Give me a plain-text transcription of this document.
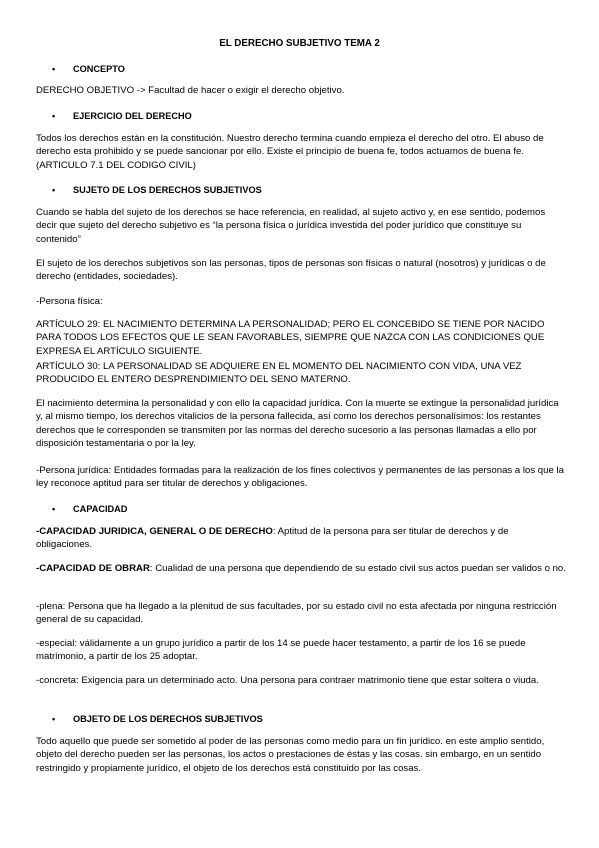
EL DERECHO SUBJETIVO TEMA 2
• CONCEPTO
DERECHO OBJETIVO -> Facultad de hacer o exigir el derecho objetivo.
• EJERCICIO DEL DERECHO
Todos los derechos están en la constitución. Nuestro derecho termina cuando empieza el derecho del otro. El abuso de derecho esta prohibido y se puede sancionar por ello. Existe el principio de buena fe, todos actuamos de buena fe. (ARTICULO 7.1 DEL CODIGO CIVIL)
• SUJETO DE LOS DERECHOS SUBJETIVOS
Cuando se habla del sujeto de los derechos se hace referencia, en realidad, al sujeto activo y, en ese sentido, podemos decir que sujeto del derecho subjetivo es “la persona física o jurídica investida del poder jurídico que constituye su contenido”
El sujeto de los derechos subjetivos son las personas, tipos de personas son físicas o natural (nosotros) y jurídicas o de derecho (entidades, sociedades).
-Persona física:
ARTÍCULO 29: EL NACIMIENTO DETERMINA LA PERSONALIDAD; PERO EL CONCEBIDO SE TIENE POR NACIDO PARA TODOS LOS EFECTOS QUE LE SEAN FAVORABLES, SIEMPRE QUE NAZCA CON LAS CONDICIONES QUE EXPRESA EL ARTÍCULO SIGUIENTE.
ARTÍCULO 30: LA PERSONALIDAD SE ADQUIERE EN EL MOMENTO DEL NACIMIENTO CON VIDA, UNA VEZ PRODUCIDO EL ENTERO DESPRENDIMIENTO DEL SENO MATERNO.
El nacimiento determina la personalidad y con ello la capacidad jurídica. Con la muerte se extingue la personalidad jurídica y, al mismo tiempo, los derechos vitalicios de la persona fallecida, así como los derechos personalísimos: los restantes derechos que le corresponden se transmiten por las normas del derecho sucesorio a las personas llamadas a ello por disposición testamentaria o por la ley.
-Persona jurídica: Entidades formadas para la realización de los fines colectivos y permanentes de las personas a los que la ley reconoce aptitud para ser titular de derechos y obligaciones.
• CAPACIDAD
-CAPACIDAD JURIDICA, GENERAL O DE DERECHO: Aptitud de la persona para ser titular de derechos y de obligaciones.
-CAPACIDAD DE OBRAR: Cualidad de una persona que dependiendo de su estado civil sus actos puedan ser validos o no.
-plena: Persona que ha llegado a la plenitud de sus facultades, por su estado civil no esta afectada por ninguna restricción general de su capacidad.
-especial: válidamente a un grupo jurídico a partir de los 14 se puede hacer testamento, a partir de los 16 se puede matrimonio, a partir de los 25 adoptar.
-concreta: Exigencia para un determinado acto. Una persona para contraer matrimonio tiene que estar soltera o viuda.
• OBJETO DE LOS DERECHOS SUBJETIVOS
Todo aquello que puede ser sometido al poder de las personas como medio para un fin jurídico. en este amplio sentido, objeto del derecho pueden ser las personas, los actos o prestaciones de éstas y las cosas. sin embargo, en un sentido restringido y propiamente jurídico, el objeto de los derechos está constituido por las cosas.
